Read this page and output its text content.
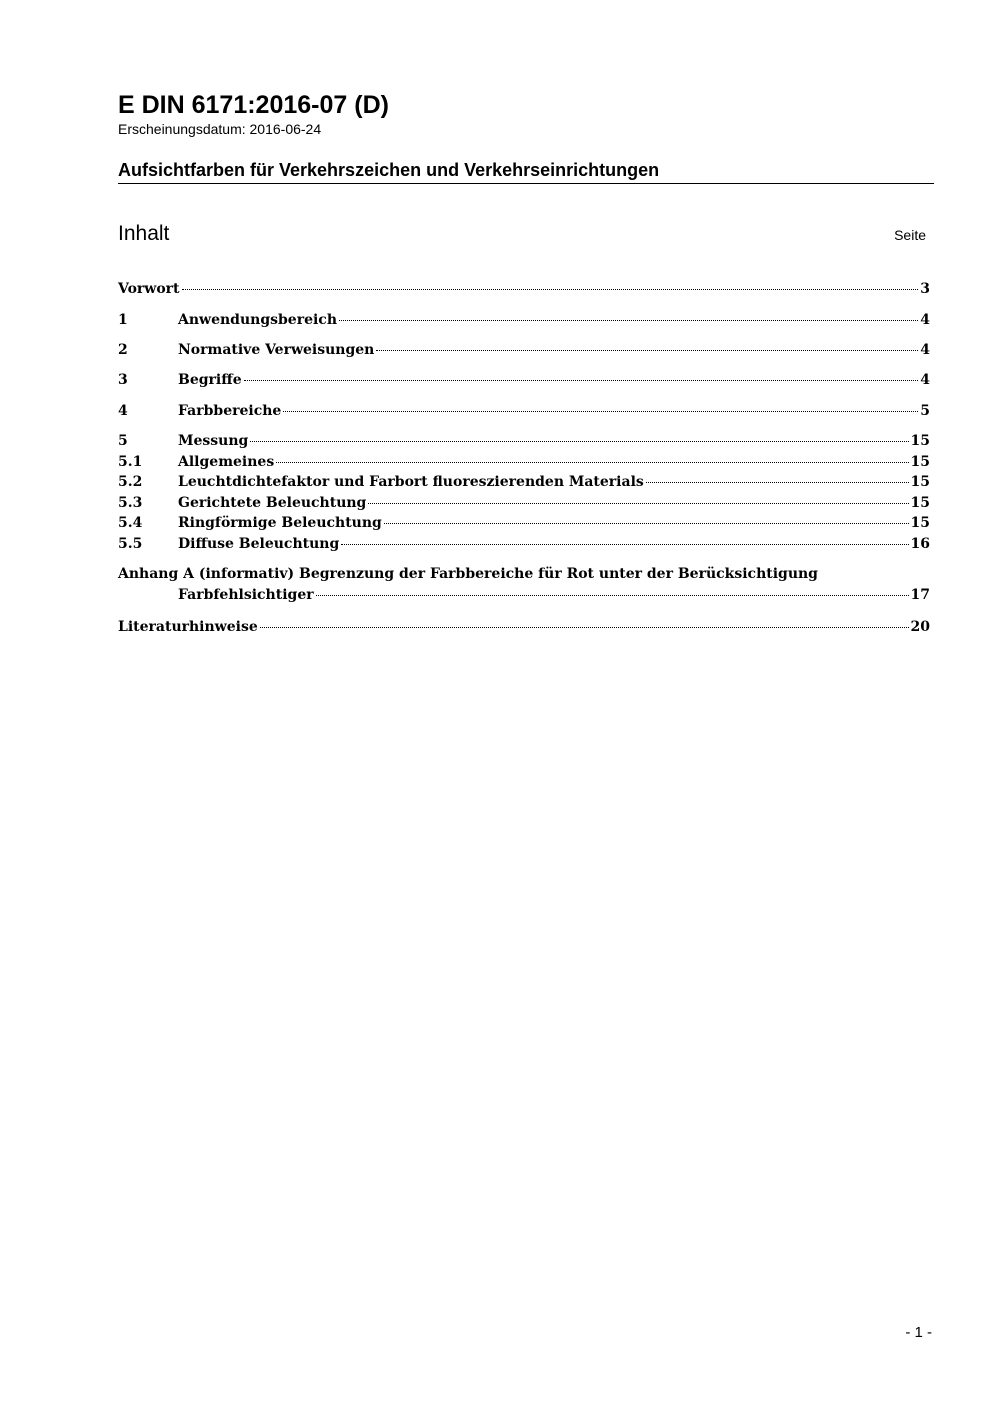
E DIN 6171:2016-07 (D)

Erscheinungsdatum: 2016-06-24

Aufsichtfarben für Verkehrszeichen und Verkehrseinrichtungen
Inhalt	Seite
Vorwort	3
1	Anwendungsbereich	4
2	Normative Verweisungen	4
3	Begriffe	4
4	Farbbereiche	5
5	Messung	15
5.1	Allgemeines	15
5.2	Leuchtdichtefaktor und Farbort fluoreszierenden Materials	15
5.3	Gerichtete Beleuchtung	15
5.4	Ringförmige Beleuchtung	15
5.5	Diffuse Beleuchtung	16
Anhang A (informativ) Begrenzung der Farbbereiche für Rot unter der Berücksichtigung
Farbfehlsichtiger	17
Literaturhinweise	20
- 1 -
